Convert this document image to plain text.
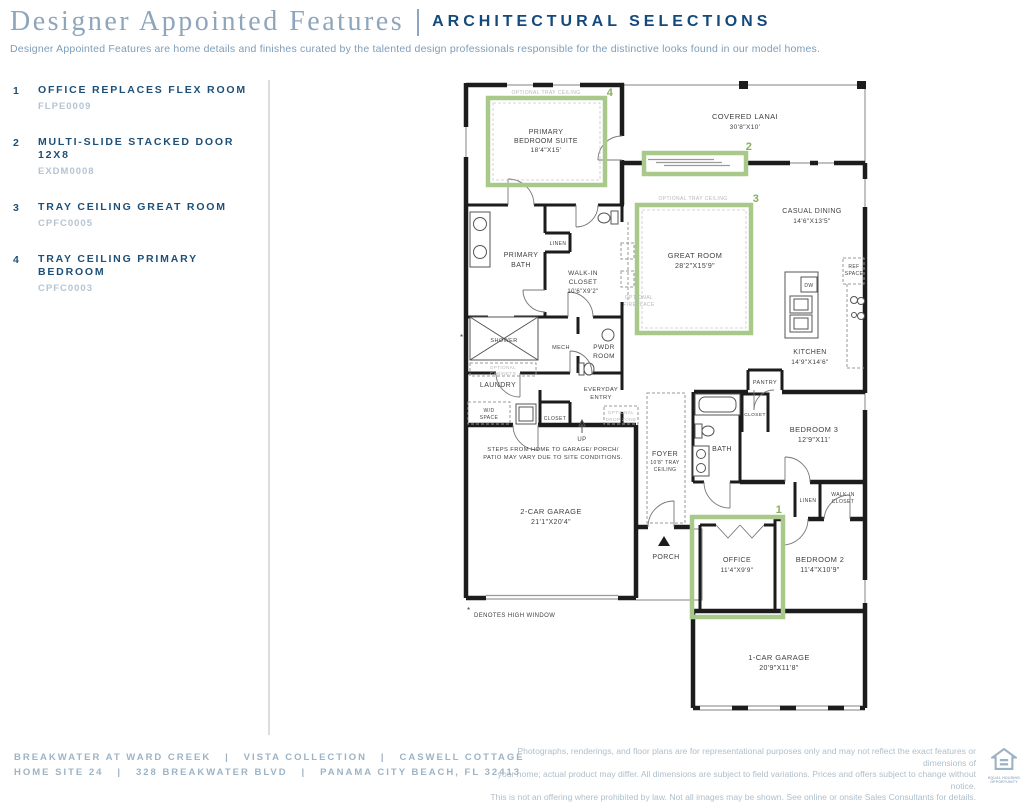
Designer Appointed Features ARCHITECTURAL SELECTIONS
Designer Appointed Features are home details and finishes curated by the talented design professionals responsible for the distinctive looks found in our model homes.
1	OFFICE REPLACES FLEX ROOM
FLPE0009
2	MULTI-SLIDE STACKED DOOR 12X8
EXDM0008
3	TRAY CEILING GREAT ROOM
CPFC0005
4	TRAY CEILING PRIMARY BEDROOM
CPFC0003
4
2
3
1
OPTIONAL TRAY CEILING
PRIMARY
BEDROOM SUITE
18'4"X15'
COVERED LANAI
30'8"X10'
OPTIONAL TRAY CEILING
CASUAL DINING
14'6"X13'5"
GREAT ROOM
28'2"X15'9"
OPTIONAL
FIREPLACE
KITCHEN
14'9"X14'6"
DW
REF
SPACE
PANTRY
LINEN
PRIMARY
BATH
WALK-IN
CLOSET
10'6"X9'2"
SHOWER
MECH	PWDR
ROOM
OPTIONAL
CABINETS
LAUNDRY
W/D
SPACE	CLOSET
EVERYDAY
ENTRY
OPTIONAL
DROP ZONE
UP
STEPS FROM HOME TO GARAGE/ PORCH/
PATIO MAY VARY DUE TO SITE CONDITIONS.
2-CAR GARAGE
21'1"X20'4"
FOYER
10'8" TRAY
CEILING
PORCH
BATH
BEDROOM 3
12'9"X11'
CLOSET
LINEN
WALK-IN
CLOSET
OFFICE
11'4"X9'9"
BEDROOM 2
11'4"X10'9"
1-CAR GARAGE
20'9"X11'8"
*
*
DENOTES HIGH WINDOW
BREAKWATER AT WARD CREEK   |   VISTA COLLECTION   |   CASWELL COTTAGE
HOME SITE 24   |   328 BREAKWATER BLVD   |   PANAMA CITY BEACH, FL 32413
Photographs, renderings, and floor plans are for representational purposes only and may not reflect the exact features or dimensions of
your home; actual product may differ. All dimensions are subject to field variations. Prices and offers subject to change without notice.
This is not an offering where prohibited by law. Not all images may be shown. See online or onsite Sales Consultants for details.
EQUAL HOUSING OPPORTUNITY
